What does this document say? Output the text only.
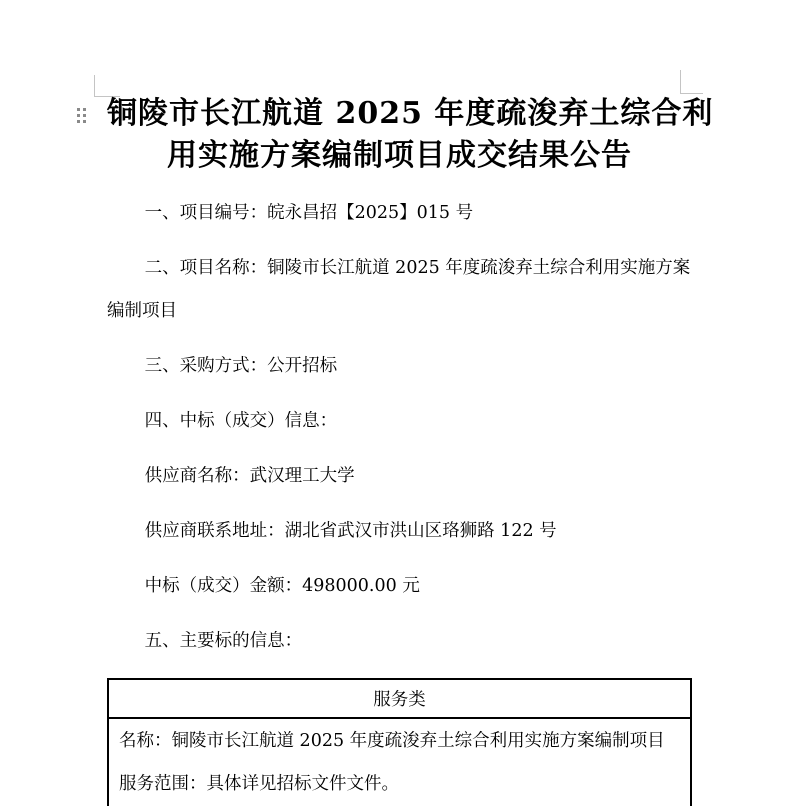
铜陵市长江航道 2025 年度疏浚弃土综合利
用实施方案编制项目成交结果公告

一、项目编号：皖永昌招【2025】015 号

二、项目名称：铜陵市长江航道 2025 年度疏浚弃土综合利用实施方案编制项目

三、采购方式：公开招标

四、中标（成交）信息：

供应商名称：武汉理工大学

供应商联系地址：湖北省武汉市洪山区珞狮路 122 号

中标（成交）金额：498000.00 元

五、主要标的信息：

服务类

名称：铜陵市长江航道 2025 年度疏浚弃土综合利用实施方案编制项目
服务范围：具体详见招标文件文件。
